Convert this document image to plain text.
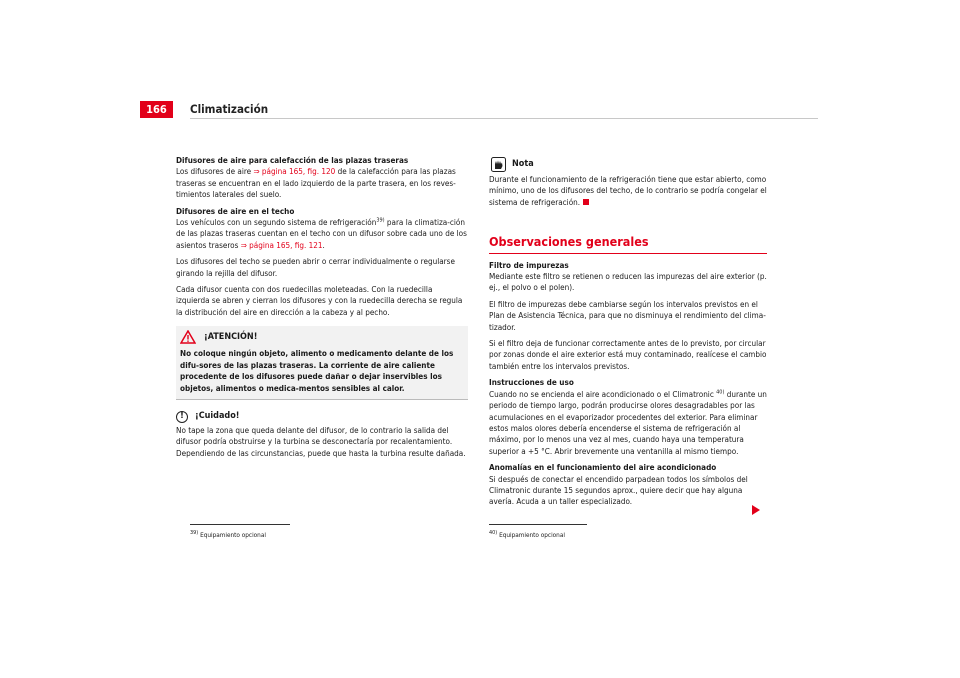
166	Climatización

Difusores de aire para calefacción de las plazas traseras

Los difusores de aire ⇒ página 165, fig. 120 de la calefacción para las plazas traseras se encuentran en el lado izquierdo de la parte trasera, en los reves-timientos laterales del suelo.

Difusores de aire en el techo

Los vehículos con un segundo sistema de refrigeración$^{39)}$ para la climatiza-ción de las plazas traseras cuentan en el techo con un difusor sobre cada uno de los asientos traseros ⇒ página 165, fig. 121.

Los difusores del techo se pueden abrir o cerrar individualmente o regularse girando la rejilla del difusor.

Cada difusor cuenta con dos ruedecillas moleteadas. Con la ruedecilla izquierda se abren y cierran los difusores y con la ruedecilla derecha se regula la distribución del aire en dirección a la cabeza y al pecho.

¡ATENCIÓN!

No coloque ningún objeto, alimento o medicamento delante de los difu-sores de las plazas traseras. La corriente de aire caliente procedente de los difusores puede dañar o dejar inservibles los objetos, alimentos o medica-mentos sensibles al calor.

!	¡Cuidado!

No tape la zona que queda delante del difusor, de lo contrario la salida del difusor podría obstruirse y la turbina se desconectaría por recalentamiento. Dependiendo de las circunstancias, puede que hasta la turbina resulte dañada.

$^{39)}$ Equipamiento opcional
Nota

Durante el funcionamiento de la refrigeración tiene que estar abierto, como mínimo, uno de los difusores del techo, de lo contrario se podría congelar el sistema de refrigeración.

Observaciones generales

Filtro de impurezas

Mediante este filtro se retienen o reducen las impurezas del aire exterior (p. ej., el polvo o el polen).

El filtro de impurezas debe cambiarse según los intervalos previstos en el Plan de Asistencia Técnica, para que no disminuya el rendimiento del clima-tizador.

Si el filtro deja de funcionar correctamente antes de lo previsto, por circular por zonas donde el aire exterior está muy contaminado, realícese el cambio también entre los intervalos previstos.

Instrucciones de uso

Cuando no se encienda el aire acondicionado o el Climatronic $^{40)}$ durante un periodo de tiempo largo, podrán producirse olores desagradables por las acumulaciones en el evaporizador procedentes del exterior. Para eliminar estos malos olores debería encenderse el sistema de refrigeración al máximo, por lo menos una vez al mes, cuando haya una temperatura superior a +5 °C. Abrir brevemente una ventanilla al mismo tiempo.

Anomalías en el funcionamiento del aire acondicionado

Si después de conectar el encendido parpadean todos los símbolos del Climatronic durante 15 segundos aprox., quiere decir que hay alguna avería. Acuda a un taller especializado.

$^{40)}$ Equipamiento opcional
